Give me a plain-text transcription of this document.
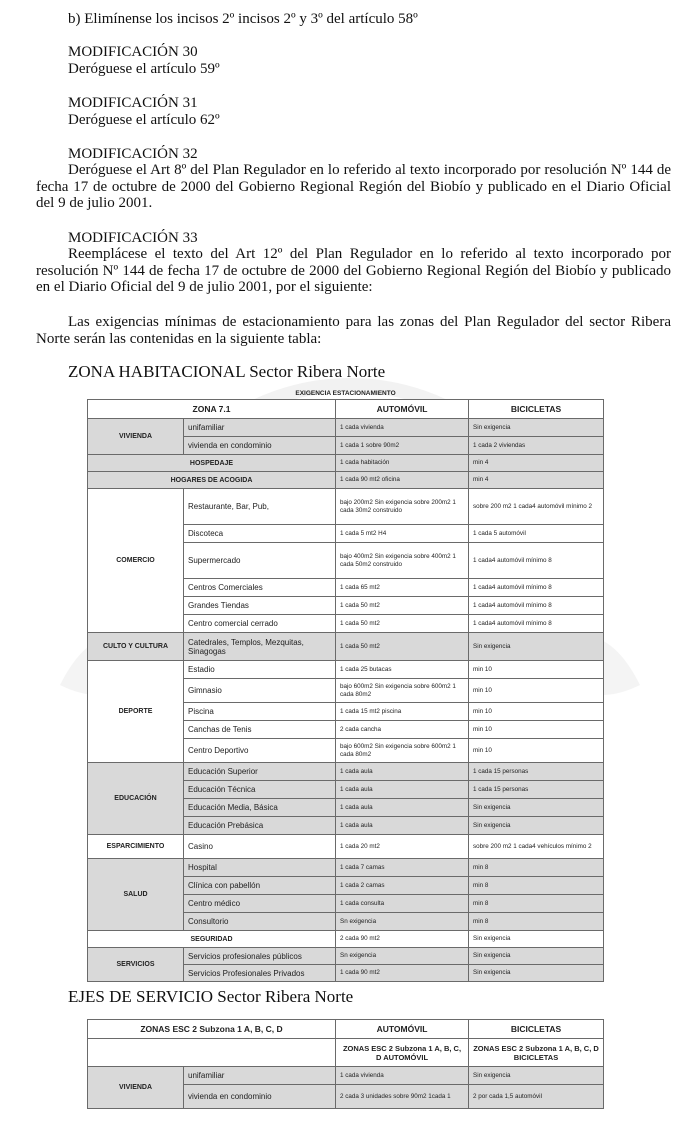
b) Elimínense los incisos 2º incisos 2º y 3º del artículo 58º
MODIFICACIÓN 30
Deróguese el artículo 59º
MODIFICACIÓN 31
Deróguese el artículo 62º
MODIFICACIÓN 32
Deróguese el Art 8º del Plan Regulador en lo referido al texto incorporado por resolución Nº 144 de fecha 17 de octubre de 2000 del Gobierno Regional Región del Biobío y publicado en el Diario Oficial del 9 de julio 2001.
MODIFICACIÓN 33
Reemplácese el texto del Art 12º del Plan Regulador en lo referido al texto incorporado por resolución Nº 144 de fecha 17 de octubre de 2000 del Gobierno Regional Región del Biobío y publicado en el Diario Oficial del 9 de julio 2001, por el siguiente:
Las exigencias mínimas de estacionamiento para las zonas del Plan Regulador del sector Ribera Norte serán las contenidas en la siguiente tabla:
ZONA HABITACIONAL Sector Ribera Norte
EXIGENCIA ESTACIONAMIENTO
ZONA 7.1		AUTOMÓVIL	BICICLETAS
VIVIENDA	unifamiliar	1 cada vivienda	Sin exigencia
	vivienda en condominio	1 cada 1 sobre 90m2	1 cada 2 viviendas
HOSPEDAJE		1 cada habitación	min 4
HOGARES DE ACOGIDA		1 cada 90 mt2 oficina	min 4
COMERCIO	Restaurante, Bar, Pub,	bajo 200m2 Sin exigencia sobre 200m2 1 cada 30m2 construido	sobre 200 m2 1 cada4 automóvil mínimo 2
	Discoteca	1 cada 5 mt2 H4	1 cada 5 automóvil
	Supermercado	bajo 400m2 Sin exigencia sobre 400m2 1 cada 50m2 construido	1 cada4 automóvil mínimo 8
	Centros Comerciales	1 cada 65 mt2	1 cada4 automóvil mínimo 8
	Grandes Tiendas	1 cada 50 mt2	1 cada4 automóvil mínimo 8
	Centro comercial cerrado	1 cada 50 mt2	1 cada4 automóvil mínimo 8
CULTO Y CULTURA	Catedrales, Templos, Mezquitas, Sinagogas	1 cada 50 mt2	Sin exigencia
DEPORTE	Estadio	1 cada 25 butacas	min 10
	Gimnasio	bajo 600m2 Sin exigencia sobre 600m2 1 cada 80m2	min 10
	Piscina	1 cada 15 mt2 piscina	min 10
	Canchas de Tenis	2 cada cancha	min 10
	Centro Deportivo	bajo 600m2 Sin exigencia sobre 600m2 1 cada 80m2	min 10
EDUCACIÓN	Educación Superior	1 cada aula	1 cada 15 personas
	Educación Técnica	1 cada aula	1 cada 15 personas
	Educación Media, Básica	1 cada aula	Sin exigencia
	Educación Prebásica	1 cada aula	Sin exigencia
ESPARCIMIENTO	Casino	1 cada 20 mt2	sobre 200 m2 1 cada4 vehículos mínimo 2
SALUD	Hospital	1 cada 7 camas	min 8
	Clínica con pabellón	1 cada 2 camas	min 8
	Centro médico	1 cada consulta	min 8
	Consultorio	Sn exigencia	min 8
SEGURIDAD		2 cada 90 mt2	Sin exigencia
SERVICIOS	Servicios profesionales públicos	Sn exigencia	Sin exigencia
	Servicios Profesionales Privados	1 cada 90 mt2	Sin exigencia
EJES DE SERVICIO Sector Ribera Norte
ZONAS ESC 2 Subzona 1 A, B, C, D		AUTOMÓVIL	BICICLETAS
		ZONAS ESC 2 Subzona 1 A, B, C, D AUTOMÓVIL	ZONAS ESC 2 Subzona 1 A, B, C, D BICICLETAS
VIVIENDA	unifamiliar	1 cada vivienda	Sin exigencia
	vivienda en condominio	2 cada 3 unidades sobre 90m2 1cada 1	2 por cada 1,5 automóvil
